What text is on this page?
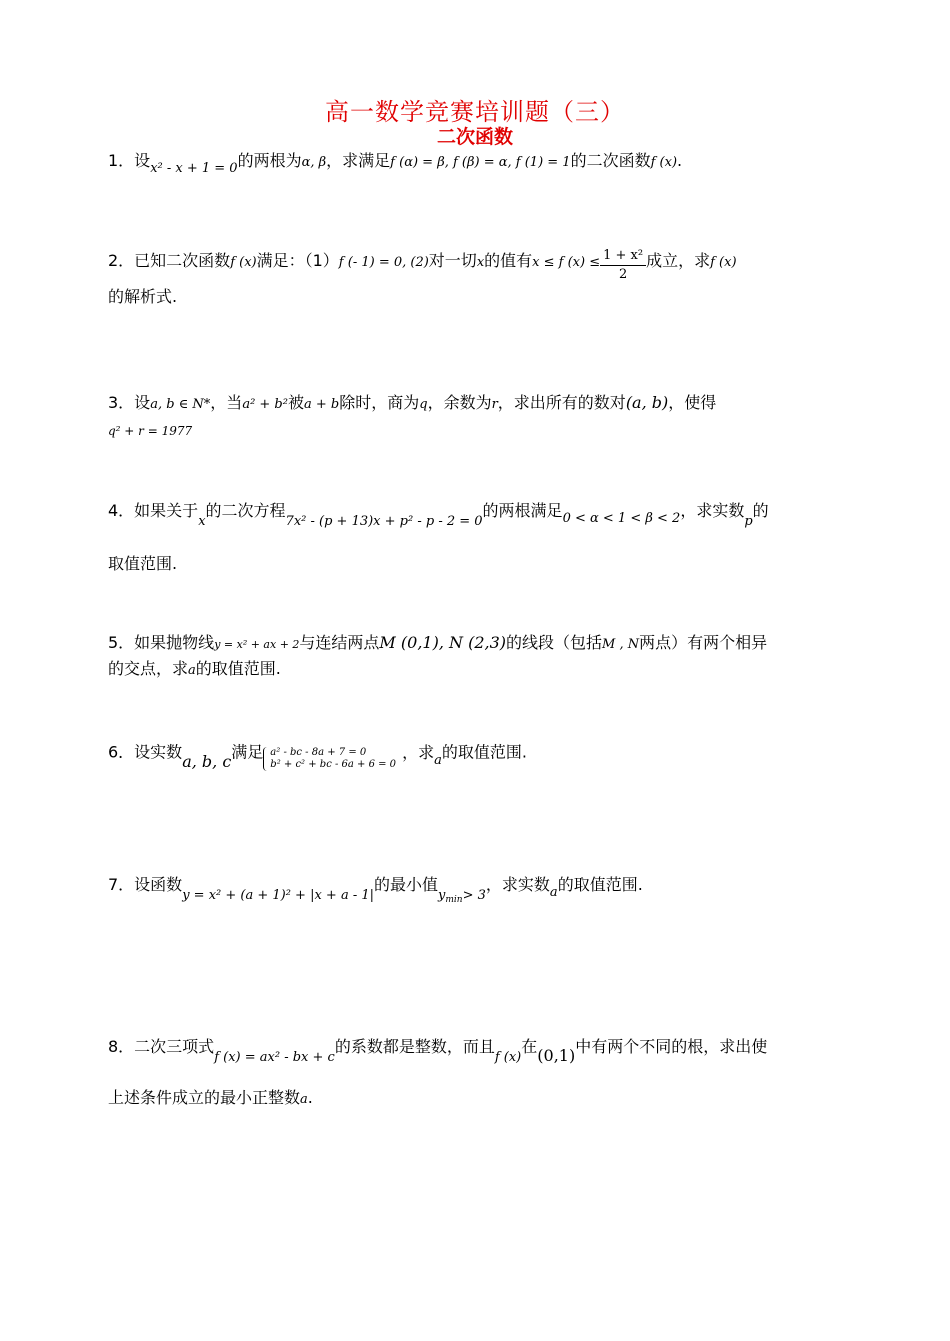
高一数学竞赛培训题（三）
二次函数
1．设$_{x^2 - x + 1 = 0}$的两根为α, β，求满足f (α) = β, f (β) = α, f (1) = 1的二次函数f (x).
2．已知二次函数f (x)满足：（1）f (- 1) = 0, (2)对一切x的值有x ≤ f $(x) \le \frac{\text{1 + x²}}{2}$ 成立，求f (x)
的解析式.
3．设a, b ∈ N*，当a² + b²被a + b除时，商为q，余数为r，求出所有的数对(a, b)，使得
q² + r = 1977
4．如果关于$_x$的二次方程$_{7x^2 - (p + 13)x + p^2 - p - 2 = 0}$的两根满足$_{0 < \alpha < 1 < \beta < 2}$，求实数$_p$的
取值范围.
5．如果抛物线y = x² + ax + 2与连结两点M (0,1), N (2,3)的线段（包括M , N两点）有两个相异
的交点，求a的取值范围.
6．设实数a, b, c满足 a² - bc - 8a + 7 = 0
b² + c² + bc - 6a + 6 = 0
，求$_a$的取值范围.
7．设函数$_{y = x^2 + (a + 1)^2 + |x + a - 1|}$的最小值$_{y_{min}> 3}$，求实数$_a$的取值范围.
8．二次三项式$_{f (x) = ax^2 - bx + c}$的系数都是整数，而且$_{f (x)}$在(0,1)中有两个不同的根，求出使
上述条件成立的最小正整数a.
